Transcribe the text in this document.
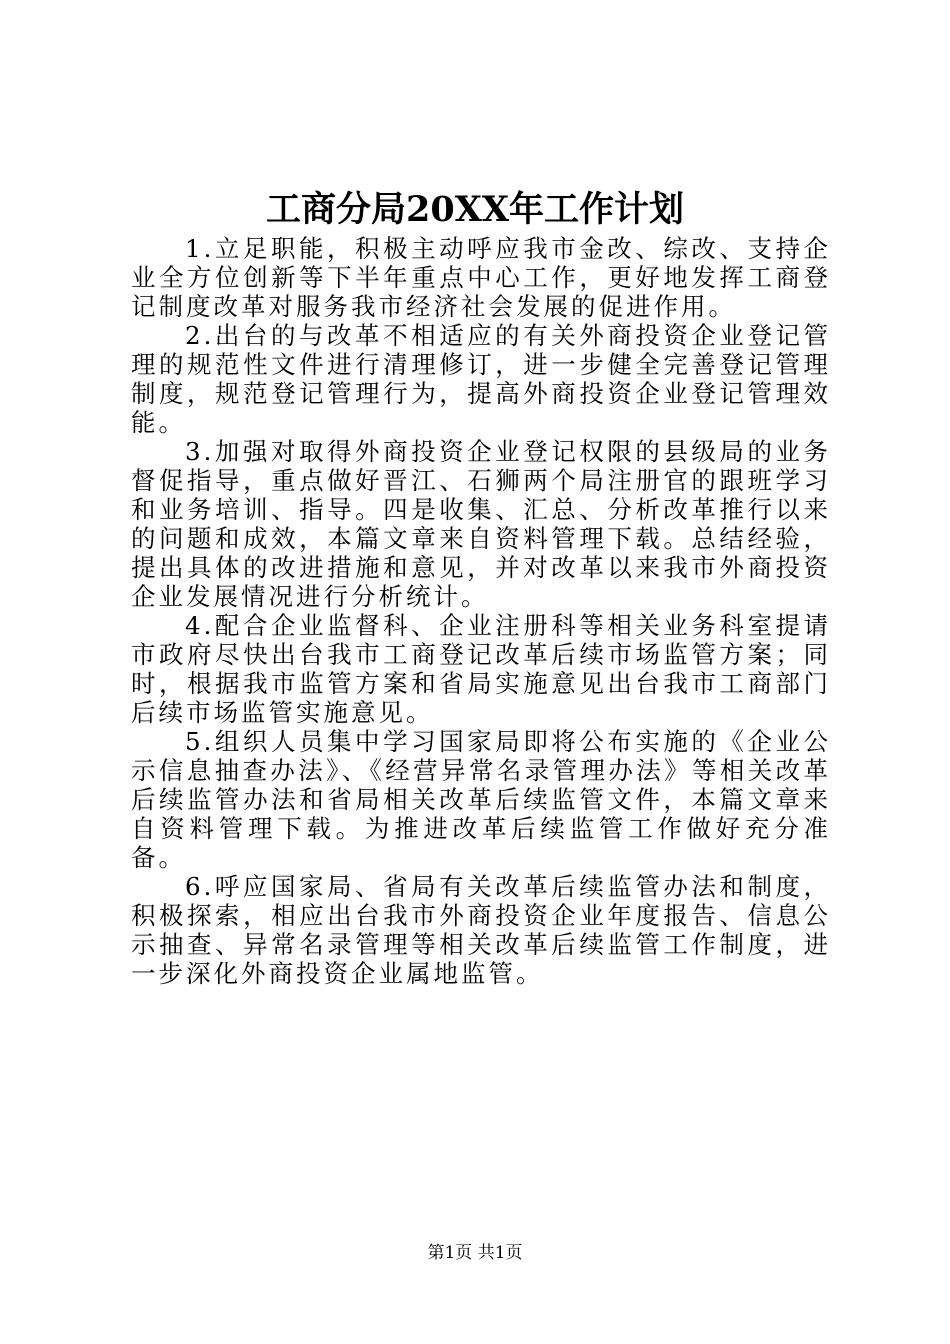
工商分局20XX年工作计划

1.立足职能，积极主动呼应我市金改、综改、支持企业全方位创新等下半年重点中心工作，更好地发挥工商登记制度改革对服务我市经济社会发展的促进作用。

2.出台的与改革不相适应的有关外商投资企业登记管理的规范性文件进行清理修订，进一步健全完善登记管理制度，规范登记管理行为，提高外商投资企业登记管理效能。

3.加强对取得外商投资企业登记权限的县级局的业务督促指导，重点做好晋江、石狮两个局注册官的跟班学习和业务培训、指导。四是收集、汇总、分析改革推行以来的问题和成效，本篇文章来自资料管理下载。总结经验，提出具体的改进措施和意见，并对改革以来我市外商投资企业发展情况进行分析统计。

4.配合企业监督科、企业注册科等相关业务科室提请市政府尽快出台我市工商登记改革后续市场监管方案；同时，根据我市监管方案和省局实施意见出台我市工商部门后续市场监管实施意见。

5.组织人员集中学习国家局即将公布实施的《企业公示信息抽查办法》、《经营异常名录管理办法》等相关改革后续监管办法和省局相关改革后续监管文件，本篇文章来自资料管理下载。为推进改革后续监管工作做好充分准备。

6.呼应国家局、省局有关改革后续监管办法和制度，积极探索，相应出台我市外商投资企业年度报告、信息公示抽查、异常名录管理等相关改革后续监管工作制度，进一步深化外商投资企业属地监管。

第1页 共1页
